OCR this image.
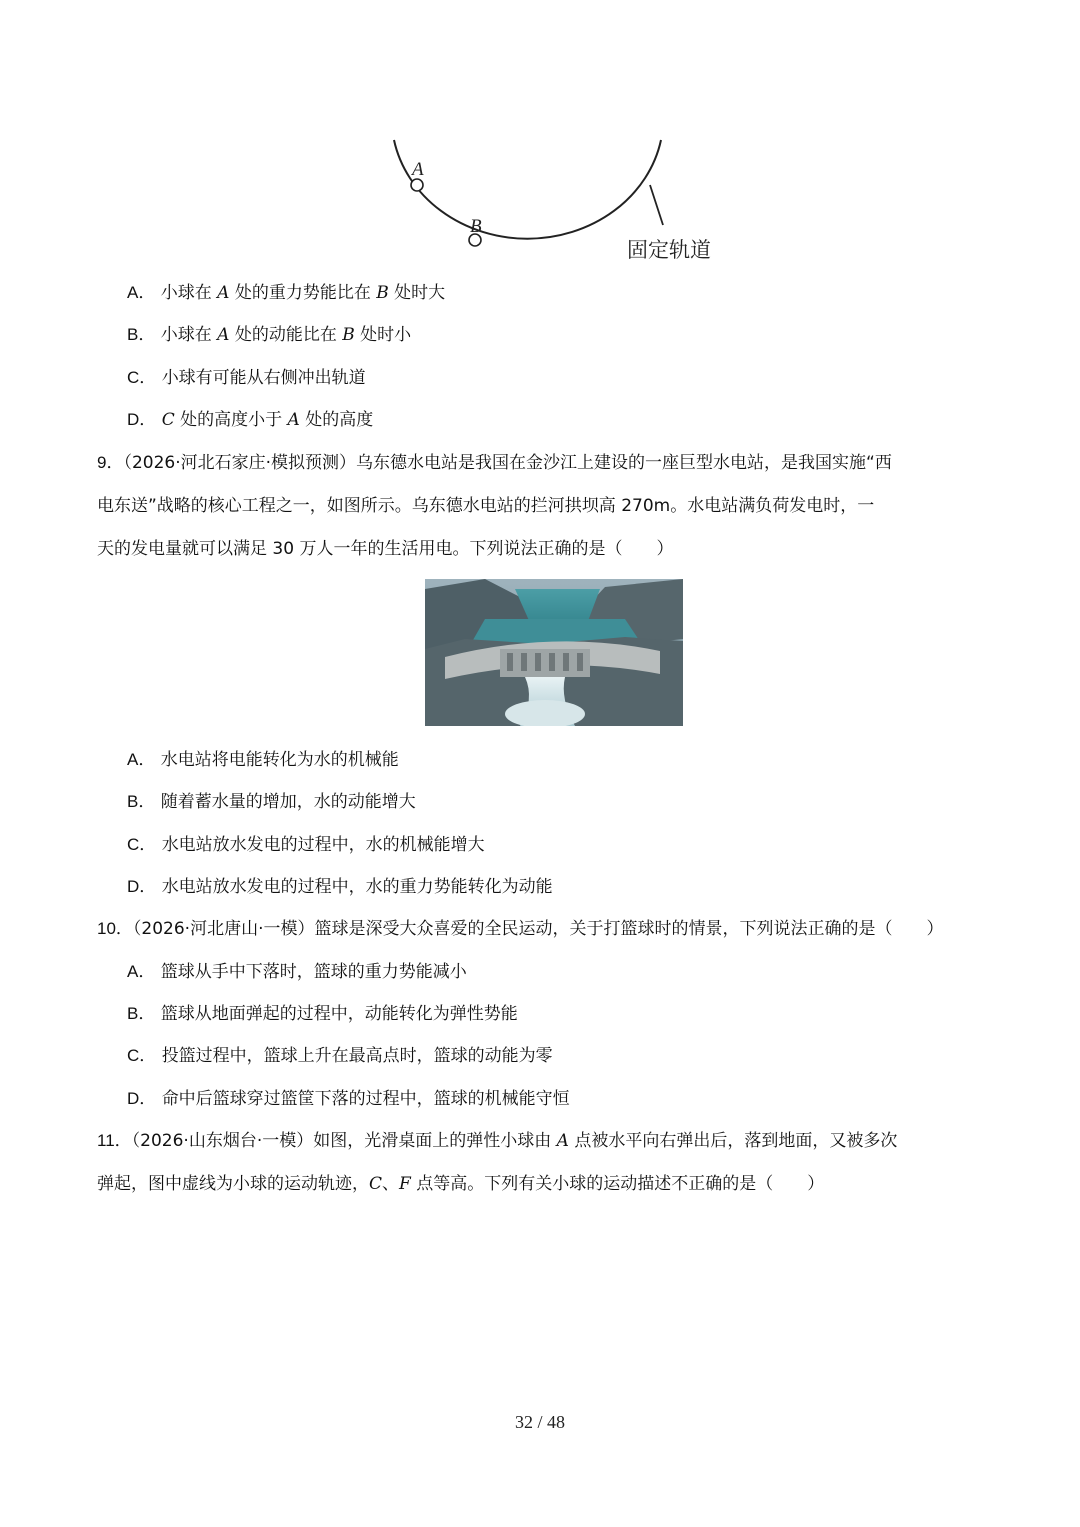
A
B
固定轨道
A． 小球在 A 处的重力势能比在 B 处时大
B． 小球在 A 处的动能比在 B 处时小
C． 小球有可能从右侧冲出轨道
D． C 处的高度小于 A 处的高度
9．（2026·河北石家庄·模拟预测）乌东德水电站是我国在金沙江上建设的一座巨型水电站，是我国实施“西
电东送”战略的核心工程之一，如图所示。乌东德水电站的拦河拱坝高 270m。水电站满负荷发电时，一
天的发电量就可以满足 30 万人一年的生活用电。下列说法正确的是（　　）
A． 水电站将电能转化为水的机械能
B． 随着蓄水量的增加，水的动能增大
C． 水电站放水发电的过程中，水的机械能增大
D． 水电站放水发电的过程中，水的重力势能转化为动能
10．（2026·河北唐山·一模）篮球是深受大众喜爱的全民运动，关于打篮球时的情景，下列说法正确的是（　　）
A． 篮球从手中下落时，篮球的重力势能减小
B． 篮球从地面弹起的过程中，动能转化为弹性势能
C． 投篮过程中，篮球上升在最高点时，篮球的动能为零
D． 命中后篮球穿过篮筐下落的过程中，篮球的机械能守恒
11．（2026·山东烟台·一模）如图，光滑桌面上的弹性小球由 A 点被水平向右弹出后，落到地面，又被多次
弹起，图中虚线为小球的运动轨迹，C、F 点等高。下列有关小球的运动描述不正确的是（　　）
32 / 48
